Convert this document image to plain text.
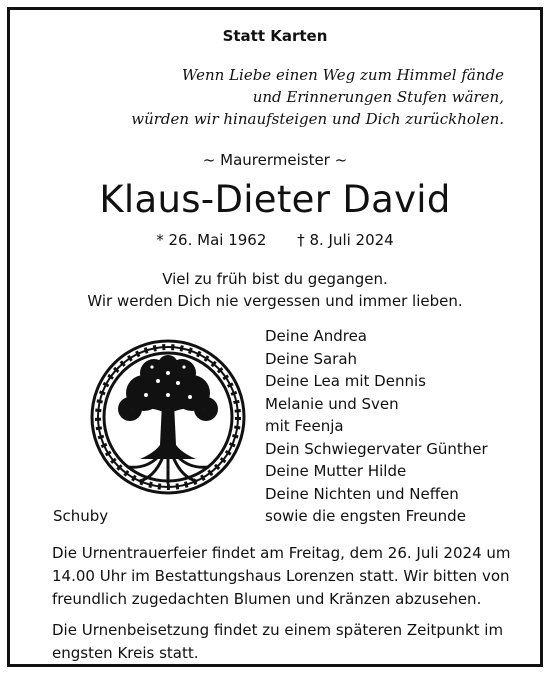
Statt Karten
Wenn Liebe einen Weg zum Himmel fände
und Erinnerungen Stufen wären,
würden wir hinaufsteigen und Dich zurückholen.
~ Maurermeister ~
Klaus-Dieter David
* 26. Mai 1962 † 8. Juli 2024
Viel zu früh bist du gegangen.
Wir werden Dich nie vergessen und immer lieben.
Deine Andrea
Deine Sarah
Deine Lea mit Dennis
Melanie und Sven
mit Feenja
Dein Schwiegervater Günther
Deine Mutter Hilde
Deine Nichten und Neffen
sowie die engsten Freunde
Schuby

Die Urnentrauerfeier findet am Freitag, dem 26. Juli 2024 um 14.00 Uhr im Bestattungshaus Lorenzen statt. Wir bitten von freundlich zugedachten Blumen und Kränzen abzusehen.

Die Urnenbeisetzung findet zu einem späteren Zeitpunkt im engsten Kreis statt.
